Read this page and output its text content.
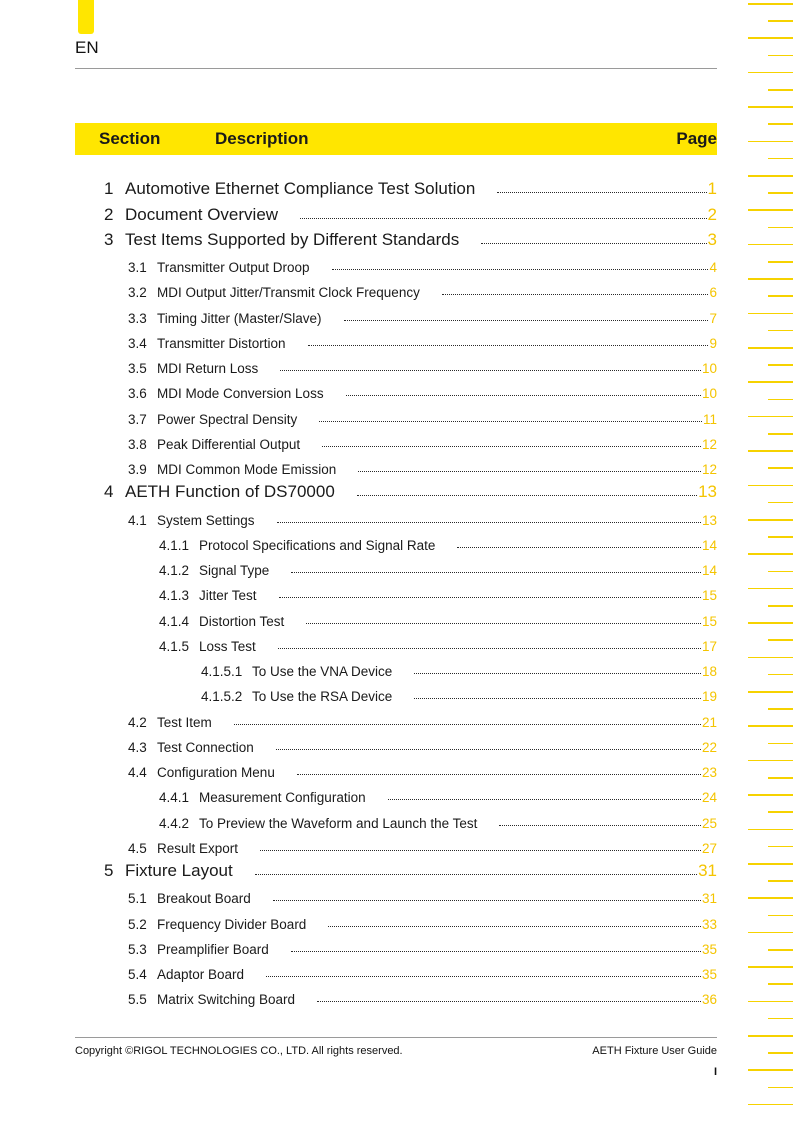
EN
Section	Description	Page
1 Automotive Ethernet Compliance Test Solution	1
2 Document Overview	2
3 Test Items Supported by Different Standards	3
3.1 Transmitter Output Droop	4
3.2 MDI Output Jitter/Transmit Clock Frequency	6
3.3 Timing Jitter (Master/Slave)	7
3.4 Transmitter Distortion	9
3.5 MDI Return Loss	10
3.6 MDI Mode Conversion Loss	10
3.7 Power Spectral Density	11
3.8 Peak Differential Output	12
3.9 MDI Common Mode Emission	12
4 AETH Function of DS70000	13
4.1 System Settings	13
4.1.1 Protocol Specifications and Signal Rate	14
4.1.2 Signal Type	14
4.1.3 Jitter Test	15
4.1.4 Distortion Test	15
4.1.5 Loss Test	17
4.1.5.1 To Use the VNA Device	18
4.1.5.2 To Use the RSA Device	19
4.2 Test Item	21
4.3 Test Connection	22
4.4 Configuration Menu	23
4.4.1 Measurement Configuration	24
4.4.2 To Preview the Waveform and Launch the Test	25
4.5 Result Export	27
5 Fixture Layout	31
5.1 Breakout Board	31
5.2 Frequency Divider Board	33
5.3 Preamplifier Board	35
5.4 Adaptor Board	35
5.5 Matrix Switching Board	36
Copyright ©RIGOL TECHNOLOGIES CO., LTD. All rights reserved.	AETH Fixture User Guide
I
